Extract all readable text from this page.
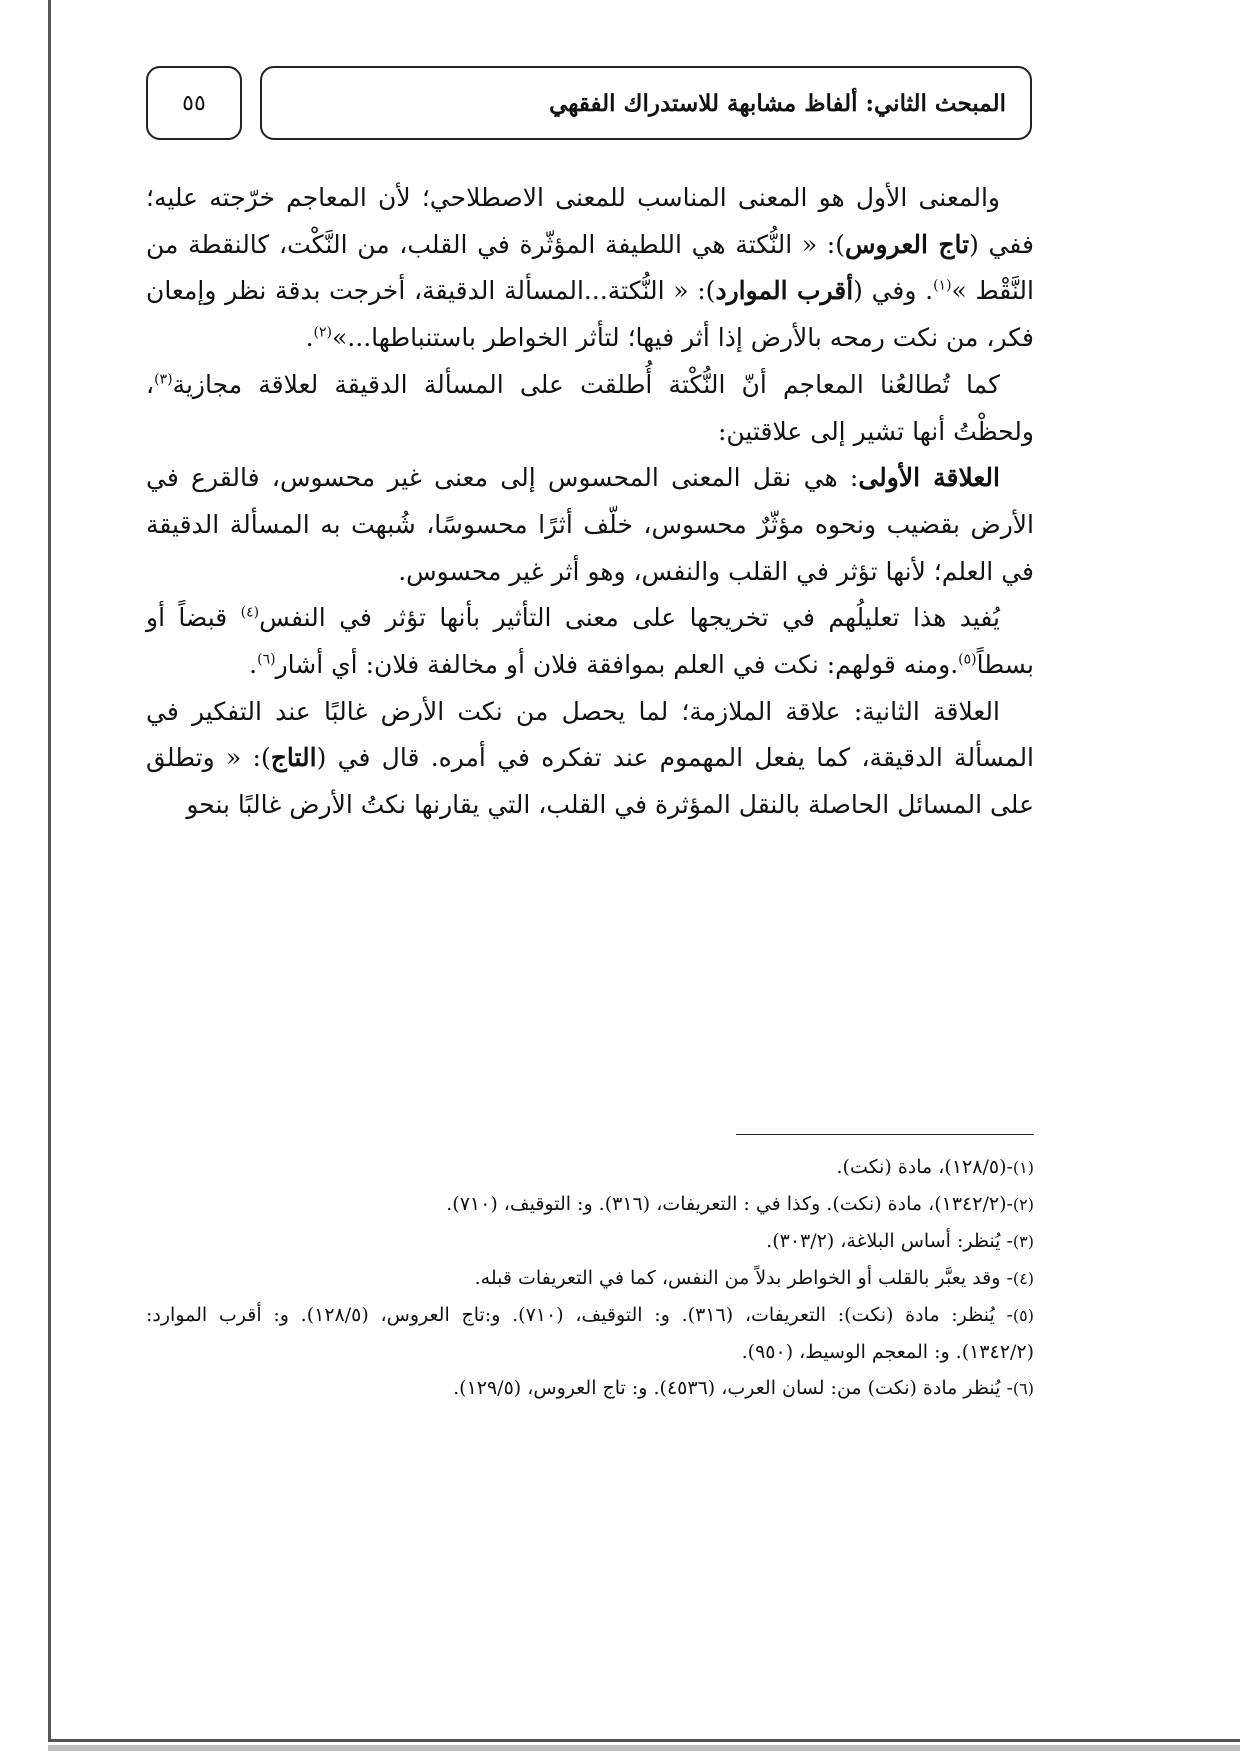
المبحث الثاني: ألفاظ مشابهة للاستدراك الفقهي
٥٥

والمعنى الأول هو المعنى المناسب للمعنى الاصطلاحي؛ لأن المعاجم خرّجته عليه؛ ففي (تاج العروس): « النُّكتة هي اللطيفة المؤثّرة في القلب، من النَّكْت، كالنقطة من النَّقْط »$^{(١)}$. وفي (أقرب الموارد): « النُّكتة...المسألة الدقيقة، أخرجت بدقة نظر وإمعان فكر، من نكت رمحه بالأرض إذا أثر فيها؛ لتأثر الخواطر باستنباطها...»$^{(٢)}$.

كما تُطالعُنا المعاجم أنّ النُّكْتة أُطلقت على المسألة الدقيقة لعلاقة مجازية$^{(٣)}$، ولحظْتُ أنها تشير إلى علاقتين:

العلاقة الأولى: هي نقل المعنى المحسوس إلى معنى غير محسوس، فالقرع في الأرض بقضيب ونحوه مؤثّرٌ محسوس، خلّف أثرًا محسوسًا، شُبهت به المسألة الدقيقة في العلم؛ لأنها تؤثر في القلب والنفس، وهو أثر غير محسوس.

يُفيد هذا تعليلُهم في تخريجها على معنى التأثير بأنها تؤثر في النفس$^{(٤)}$ قبضاً أو بسطاً$^{(٥)}$.ومنه قولهم: نكت في العلم بموافقة فلان أو مخالفة فلان: أي أشار$^{(٦)}$.

العلاقة الثانية: علاقة الملازمة؛ لما يحصل من نكت الأرض غالبًا عند التفكير في المسألة الدقيقة، كما يفعل المهموم عند تفكره في أمره. قال في (التاج): « وتطلق على المسائل الحاصلة بالنقل المؤثرة في القلب، التي يقارنها نكتُ الأرض غالبًا بنحو

(١)-(١٢٨/٥)، مادة (نكت).

(٢)-(١٣٤٢/٢)، مادة (نكت). وكذا في : التعريفات، (٣١٦). و: التوقيف، (٧١٠).

(٣)- يُنظر: أساس البلاغة، (٣٠٣/٢).

(٤)- وقد يعبَّر بالقلب أو الخواطر بدلاً من النفس، كما في التعريفات قبله.

(٥)- يُنظر: مادة (نكت): التعريفات، (٣١٦). و: التوقيف، (٧١٠). و:تاج العروس، (١٢٨/٥). و: أقرب الموارد: (١٣٤٢/٢). و: المعجم الوسيط، (٩٥٠).

(٦)- يُنظر مادة (نكت) من: لسان العرب، (٤٥٣٦). و: تاج العروس، (١٢٩/٥).
